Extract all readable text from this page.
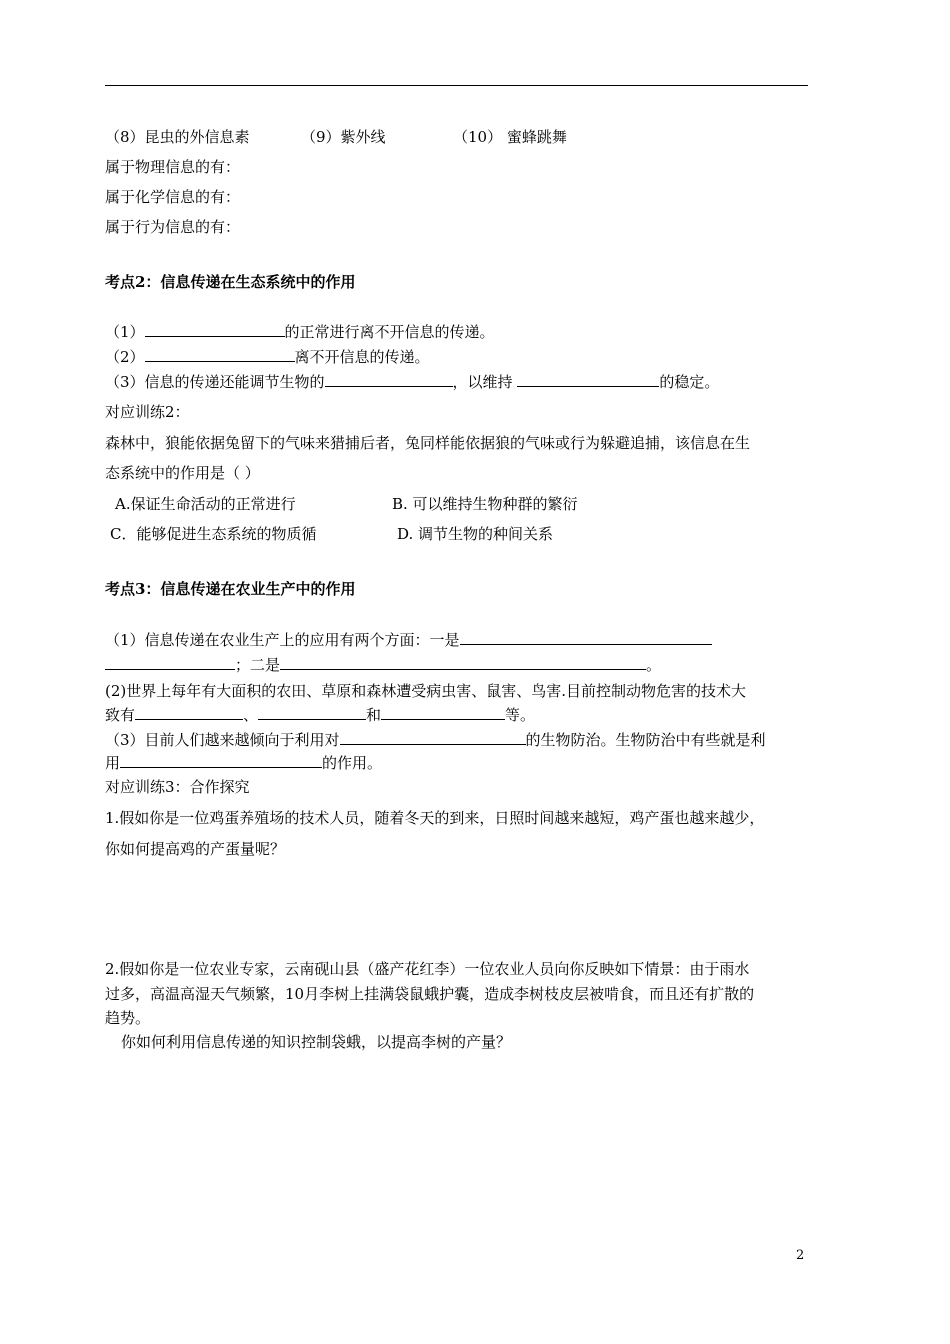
（8）昆虫的外信息素	（9）紫外线	（10） 蜜蜂跳舞
属于物理信息的有：
属于化学信息的有：
属于行为信息的有：
考点2：信息传递在生态系统中的作用
（1）	的正常进行离不开信息的传递。
（2）	离不开信息的传递。
（3）信息的传递还能调节生物的	，以维持	的稳定。
对应训练2：
森林中，狼能依据兔留下的气味来猎捕后者，兔同样能依据狼的气味或行为躲避追捕，该信息在生
态系统中的作用是（ ）
A.保证生命活动的正常进行	B. 可以维持生物种群的繁衍
C．能够促进生态系统的物质循	D. 调节生物的种间关系
考点3：信息传递在农业生产中的作用
（1）信息传递在农业生产上的应用有两个方面：一是
；二是	。
(2)世界上每年有大面积的农田、草原和森林遭受病虫害、鼠害、鸟害.目前控制动物危害的技术大
致有	、	和	等。
（3）目前人们越来越倾向于利用对	的生物防治。生物防治中有些就是利
用	的作用。
对应训练3：合作探究
1.假如你是一位鸡蛋养殖场的技术人员，随着冬天的到来，日照时间越来越短，鸡产蛋也越来越少，
你如何提高鸡的产蛋量呢？
2.假如你是一位农业专家，云南砚山县（盛产花红李）一位农业人员向你反映如下情景：由于雨水
过多，高温高湿天气频繁，10月李树上挂满袋鼠蛾护囊，造成李树枝皮层被啃食，而且还有扩散的
趋势。
你如何利用信息传递的知识控制袋蛾，以提高李树的产量？
2
